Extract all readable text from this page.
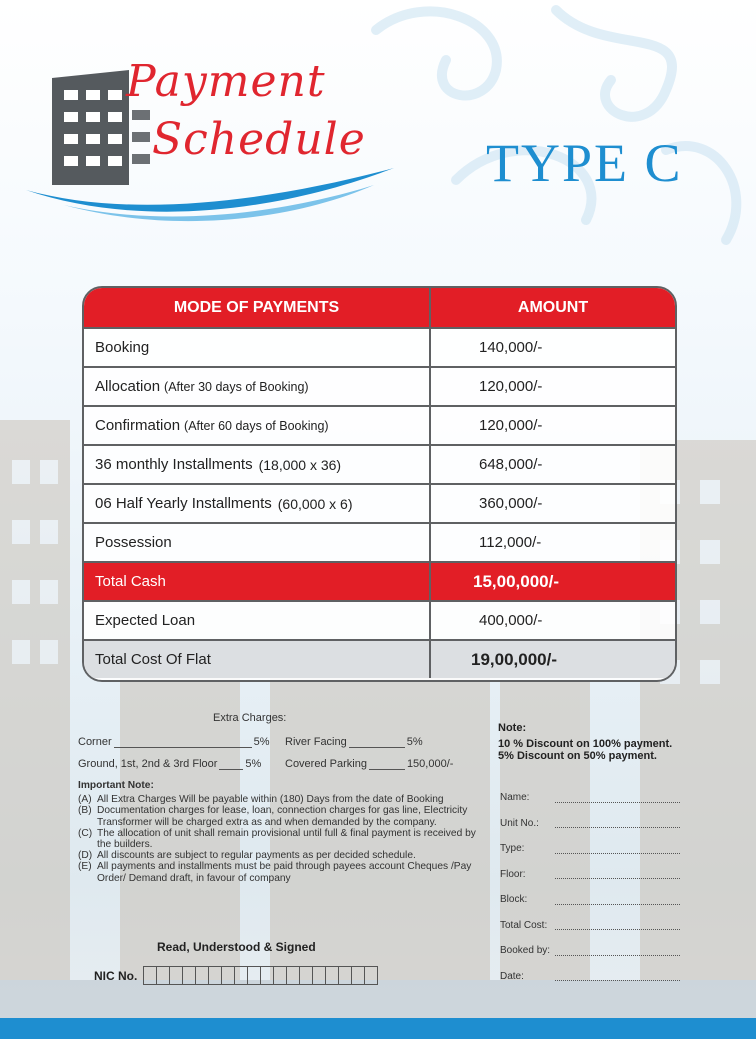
Payment
Schedule TYPE C
MODE OF PAYMENTS	AMOUNT
Booking	140,000/-
Allocation (After 30 days of Booking)	120,000/-
Confirmation (After 60 days of Booking)	120,000/-
36 monthly Installments (18,000 x 36)	648,000/-
06 Half Yearly Installments (60,000 x 6)	360,000/-
Possession	112,000/-
Total Cash	15,00,000/-
Expected Loan	400,000/-
Total Cost Of Flat	19,00,000/-
Extra Charges:
Corner	5% River Facing	5%
Ground, 1st, 2nd & 3rd Floor	5% Covered Parking	150,000/-
Important Note:
(A) All Extra Charges Will be payable within (180) Days from the date of Booking
(B) Documentation charges for lease, loan, connection charges for gas line, Electricity Transformer will be charged extra as and when demanded by the company.
(C) The allocation of unit shall remain provisional until full & final payment is received by the builders.
(D) All discounts are subject to regular payments as per decided schedule.
(E) All payments and installments must be paid through payees account Cheques /Pay Order/ Demand draft, in favour of company
Read, Understood & Signed
NIC No.
Note:
10 % Discount on 100% payment.
5% Discount on 50% payment.
Name:
Unit No.:
Type:
Floor:
Block:
Total Cost:
Booked by:
Date:
